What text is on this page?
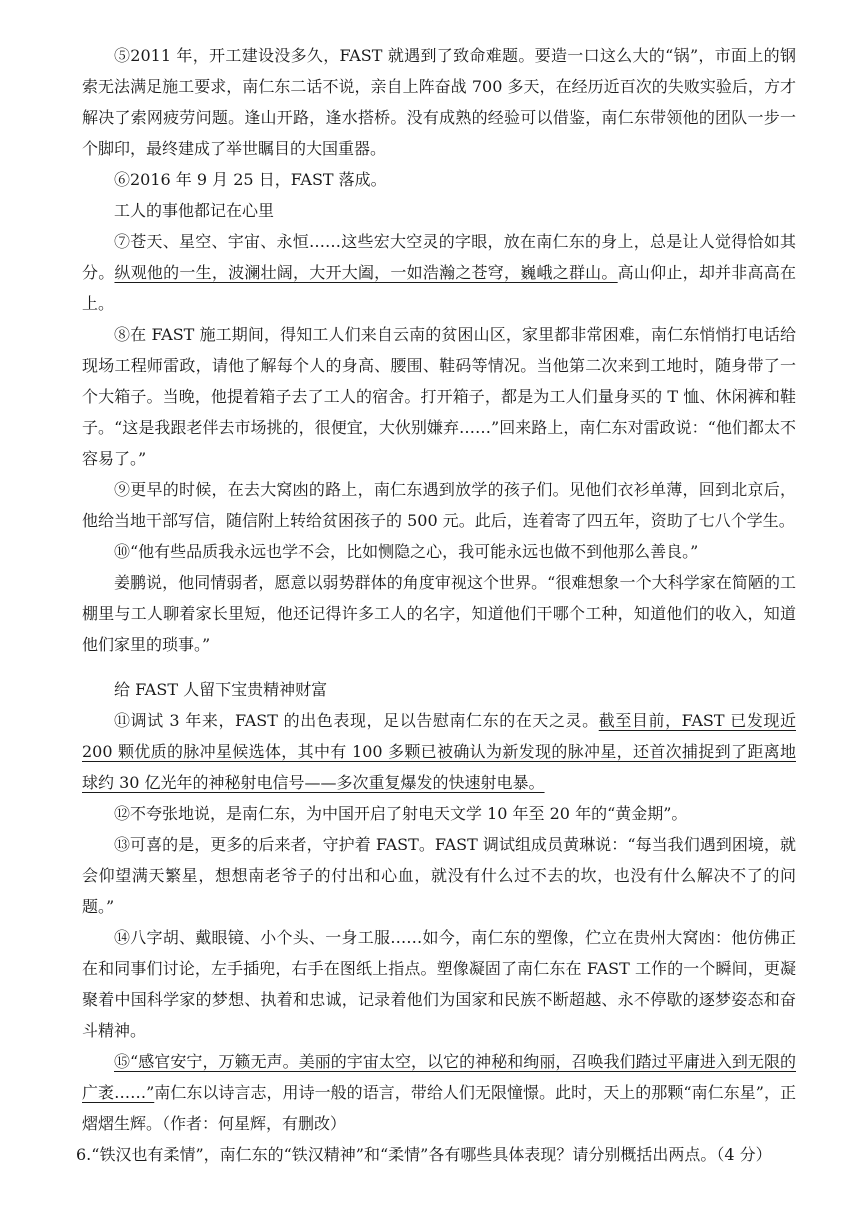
⑤2011 年，开工建设没多久，FAST 就遇到了致命难题。要造一口这么大的“锅”，市面上的钢索无法满足施工要求，南仁东二话不说，亲自上阵奋战 700 多天，在经历近百次的失败实验后，方才解决了索网疲劳问题。逢山开路，逢水搭桥。没有成熟的经验可以借鉴，南仁东带领他的团队一步一个脚印，最终建成了举世瞩目的大国重器。

⑥2016 年 9 月 25 日，FAST 落成。

工人的事他都记在心里

⑦苍天、星空、宇宙、永恒……这些宏大空灵的字眼，放在南仁东的身上，总是让人觉得恰如其分。纵观他的一生，波澜壮阔，大开大阖，一如浩瀚之苍穹，巍峨之群山。高山仰止，却并非高高在上。

⑧在 FAST 施工期间，得知工人们来自云南的贫困山区，家里都非常困难，南仁东悄悄打电话给现场工程师雷政，请他了解每个人的身高、腰围、鞋码等情况。当他第二次来到工地时，随身带了一个大箱子。当晚，他提着箱子去了工人的宿舍。打开箱子，都是为工人们量身买的 T 恤、休闲裤和鞋子。“这是我跟老伴去市场挑的，很便宜，大伙别嫌弃……”回来路上，南仁东对雷政说：“他们都太不容易了。”

⑨更早的时候，在去大窝凼的路上，南仁东遇到放学的孩子们。见他们衣衫单薄，回到北京后，他给当地干部写信，随信附上转给贫困孩子的 500 元。此后，连着寄了四五年，资助了七八个学生。

⑩“他有些品质我永远也学不会，比如恻隐之心，我可能永远也做不到他那么善良。”

姜鹏说，他同情弱者，愿意以弱势群体的角度审视这个世界。“很难想象一个大科学家在简陋的工棚里与工人聊着家长里短，他还记得许多工人的名字，知道他们干哪个工种，知道他们的收入，知道他们家里的琐事。”

给 FAST 人留下宝贵精神财富

⑪调试 3 年来，FAST 的出色表现，足以告慰南仁东的在天之灵。截至目前，FAST 已发现近 200 颗优质的脉冲星候选体，其中有 100 多颗已被确认为新发现的脉冲星，还首次捕捉到了距离地球约 30 亿光年的神秘射电信号——多次重复爆发的快速射电暴。

⑫不夸张地说，是南仁东，为中国开启了射电天文学 10 年至 20 年的“黄金期”。

⑬可喜的是，更多的后来者，守护着 FAST。FAST 调试组成员黄琳说：“每当我们遇到困境，就会仰望满天繁星，想想南老爷子的付出和心血，就没有什么过不去的坎，也没有什么解决不了的问题。”

⑭八字胡、戴眼镜、小个头、一身工服……如今，南仁东的塑像，伫立在贵州大窝凼：他仿佛正在和同事们讨论，左手插兜，右手在图纸上指点。塑像凝固了南仁东在 FAST 工作的一个瞬间，更凝聚着中国科学家的梦想、执着和忠诚，记录着他们为国家和民族不断超越、永不停歇的逐梦姿态和奋斗精神。

⑮“感官安宁，万籁无声。美丽的宇宙太空，以它的神秘和绚丽，召唤我们踏过平庸进入到无限的广袤……”南仁东以诗言志，用诗一般的语言，带给人们无限憧憬。此时，天上的那颗“南仁东星”，正熠熠生辉。（作者：何星辉，有删改）

6.“铁汉也有柔情”，南仁东的“铁汉精神”和“柔情”各有哪些具体表现？请分别概括出两点。（4 分）
